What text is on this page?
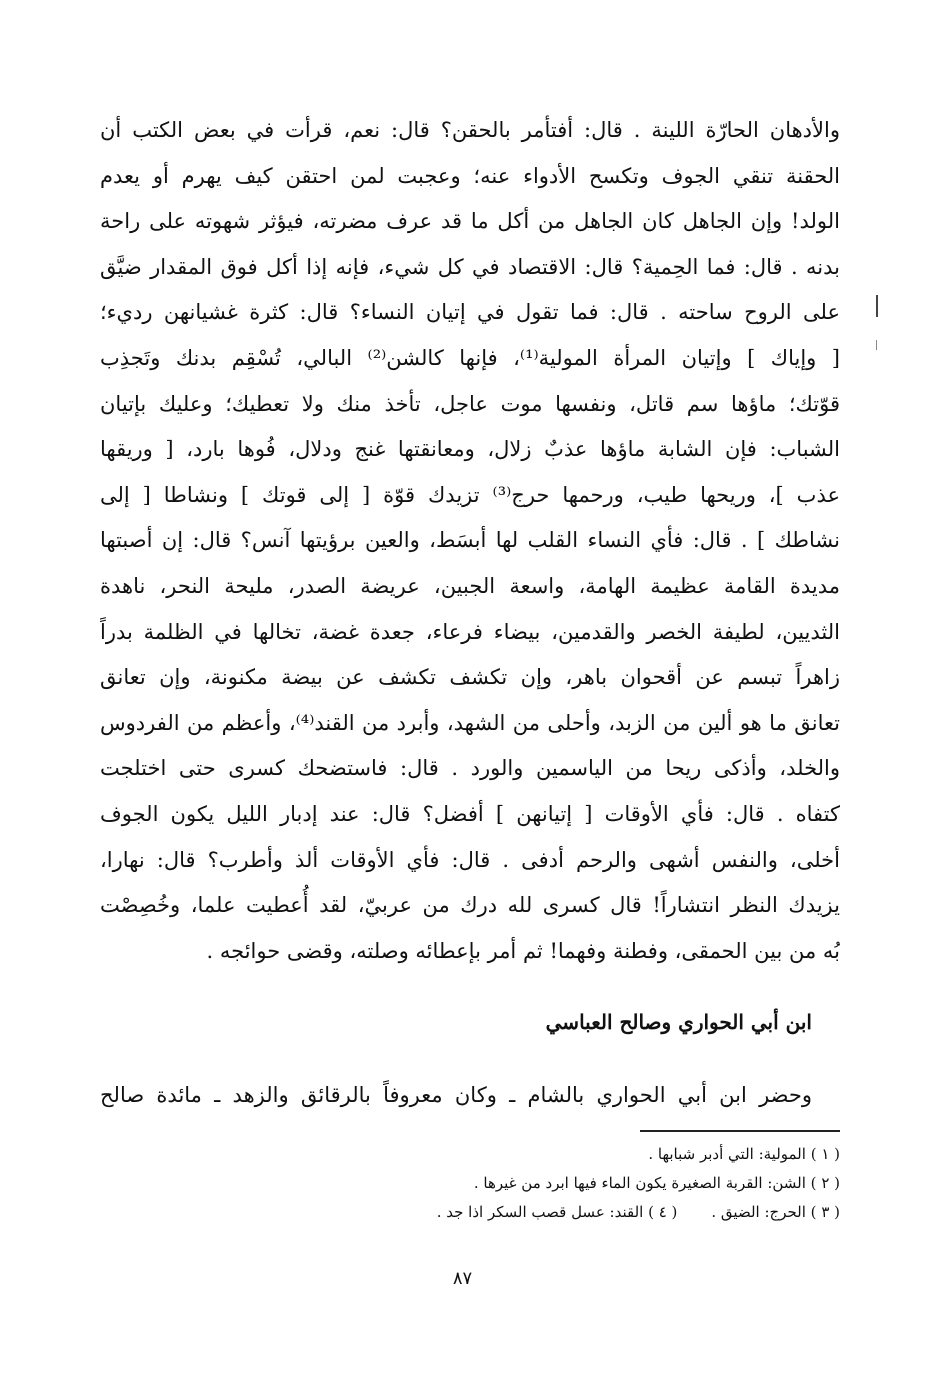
والأدهان الحارّة اللينة . قال: أفتأمر بالحقن؟ قال: نعم، قرأت في بعض الكتب أن
الحقنة تنقي الجوف وتكسح الأدواء عنه؛ وعجبت لمن احتقن كيف يهرم أو يعدم
الولد! وإن الجاهل كان الجاهل من أكل ما قد عرف مضرته، فيؤثر شهوته على راحة
بدنه . قال: فما الحِمية؟ قال: الاقتصاد في كل شيء، فإنه إذا أكل فوق المقدار ضيَّق
على الروح ساحته . قال: فما تقول في إتيان النساء؟ قال: كثرة غشيانهن رديء؛
[ وإياك ] وإتيان المرأة المولية⁽¹⁾، فإنها كالشن⁽²⁾ البالي، تُسْقِم بدنك وتَجذِب
قوّتك؛ ماؤها سم قاتل، ونفسها موت عاجل، تأخذ منك ولا تعطيك؛ وعليك بإتيان
الشباب: فإن الشابة ماؤها عذبٌ زلال، ومعانقتها غنج ودلال، فُوها بارد، [ وريقها
عذب ]، وريحها طيب، ورحمها حرج⁽³⁾ تزيدك قوّة [ إلى قوتك ] ونشاطا [ إلى
نشاطك ] . قال: فأي النساء القلب لها أبسَط، والعين برؤيتها آنس؟ قال: إن أصبتها
مديدة القامة عظيمة الهامة، واسعة الجبين، عريضة الصدر، مليحة النحر، ناهدة
الثديين، لطيفة الخصر والقدمين، بيضاء فرعاء، جعدة غضة، تخالها في الظلمة بدراً
زاهراً تبسم عن أقحوان باهر، وإن تكشف تكشف عن بيضة مكنونة، وإن تعانق
تعانق ما هو ألين من الزبد، وأحلى من الشهد، وأبرد من القند⁽⁴⁾، وأعظم من الفردوس
والخلد، وأذكى ريحا من الياسمين والورد . قال: فاستضحك كسرى حتى اختلجت
كتفاه . قال: فأي الأوقات [ إتيانهن ] أفضل؟ قال: عند إدبار الليل يكون الجوف
أخلى، والنفس أشهى والرحم أدفى . قال: فأي الأوقات ألذ وأطرب؟ قال: نهارا،
يزيدك النظر انتشاراً! قال كسرى لله درك من عربيّ، لقد أُعطيت علما، وخُصِصْت
بُه من بين الحمقى، وفطنة وفهما! ثم أمر بإعطائه وصلته، وقضى حوائجه .
ابن أبي الحواري وصالح العباسي

وحضر ابن أبي الحواري بالشام ـ وكان معروفاً بالرقائق والزهد ـ مائدة صالح

( ١ ) المولية: التي أدبر شبابها .
( ٢ ) الشن: القربة الصغيرة يكون الماء فيها ابرد من غيرها .
( ٣ ) الحرج: الضيق .( ٤ ) القند: عسل قصب السكر اذا جد .
٨٧
